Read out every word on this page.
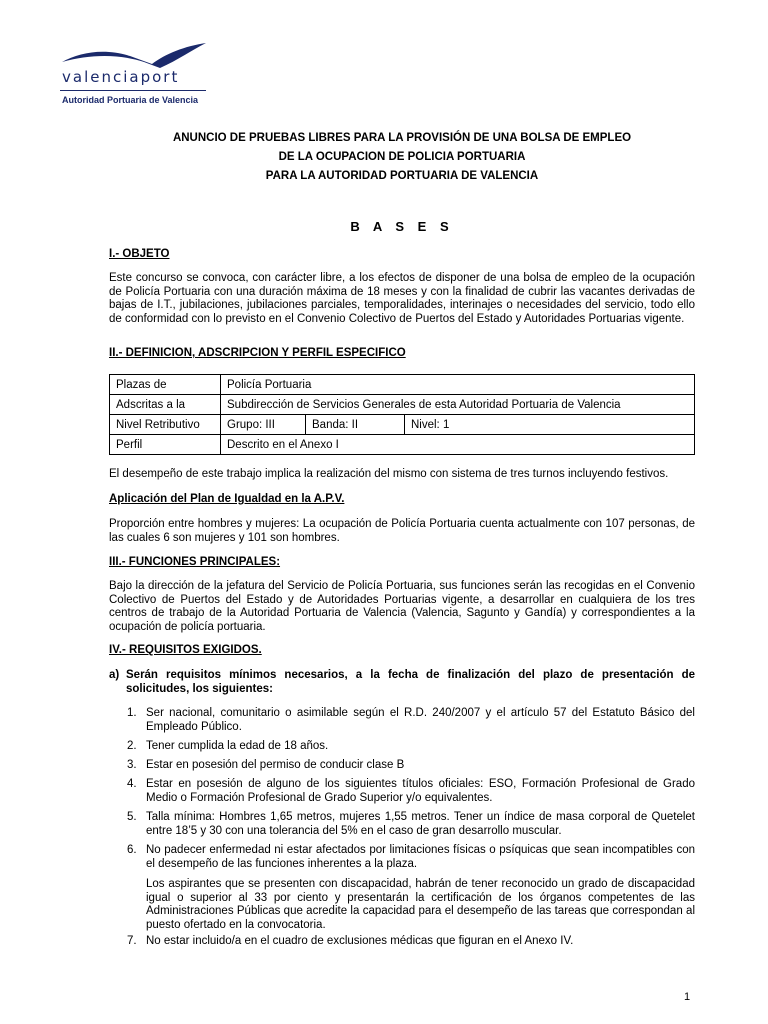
valenciaport
Autoridad Portuaria de Valencia
ANUNCIO DE PRUEBAS LIBRES PARA LA PROVISIÓN DE UNA BOLSA DE EMPLEO
DE LA OCUPACION DE POLICIA PORTUARIA
PARA LA AUTORIDAD PORTUARIA DE VALENCIA
B A S E S
I.- OBJETO
Este concurso se convoca, con carácter libre, a los efectos de disponer de una bolsa de empleo de la ocupación de Policía Portuaria con una duración máxima de 18 meses y con la finalidad de cubrir las vacantes derivadas de bajas de I.T., jubilaciones, jubilaciones parciales, temporalidades, interinajes o necesidades del servicio, todo ello de conformidad con lo previsto en el Convenio Colectivo de Puertos del Estado y Autoridades Portuarias vigente.
II.- DEFINICION, ADSCRIPCION Y PERFIL ESPECIFICO
Plazas de	Policía Portuaria		
Adscritas a la	Subdirección de Servicios Generales de esta Autoridad Portuaria de Valencia		
Nivel Retributivo	Grupo: III	Banda: II	Nivel: 1
Perfil	Descrito en el Anexo I		
El desempeño de este trabajo implica la realización del mismo con sistema de tres turnos incluyendo festivos.
Aplicación del Plan de Igualdad en la A.P.V.
Proporción entre hombres y mujeres: La ocupación de Policía Portuaria cuenta actualmente con 107 personas, de las cuales 6 son mujeres y 101 son hombres.
III.- FUNCIONES PRINCIPALES:
Bajo la dirección de la jefatura del Servicio de Policía Portuaria, sus funciones serán las recogidas en el Convenio Colectivo de Puertos del Estado y de Autoridades Portuarias vigente, a desarrollar en cualquiera de los tres centros de trabajo de la Autoridad Portuaria de Valencia (Valencia, Sagunto y Gandía) y correspondientes a la ocupación de policía portuaria.
IV.- REQUISITOS EXIGIDOS.
a) Serán requisitos mínimos necesarios, a la fecha de finalización del plazo de presentación de solicitudes, los siguientes:
1. Ser nacional, comunitario o asimilable según el R.D. 240/2007 y el artículo 57 del Estatuto Básico del Empleado Público.
2. Tener cumplida la edad de 18 años.
3. Estar en posesión del permiso de conducir clase B
4. Estar en posesión de alguno de los siguientes títulos oficiales: ESO, Formación Profesional de Grado Medio o Formación Profesional de Grado Superior y/o equivalentes.
5. Talla mínima: Hombres 1,65 metros, mujeres 1,55 metros. Tener un índice de masa corporal de Quetelet entre 18’5 y 30 con una tolerancia del 5% en el caso de gran desarrollo muscular.
6. No padecer enfermedad ni estar afectados por limitaciones físicas o psíquicas que sean incompatibles con el desempeño de las funciones inherentes a la plaza.
Los aspirantes que se presenten con discapacidad, habrán de tener reconocido un grado de discapacidad igual o superior al 33 por ciento y presentarán la certificación de los órganos competentes de las Administraciones Públicas que acredite la capacidad para el desempeño de las tareas que correspondan al puesto ofertado en la convocatoria.
7. No estar incluido/a en el cuadro de exclusiones médicas que figuran en el Anexo IV.
1
